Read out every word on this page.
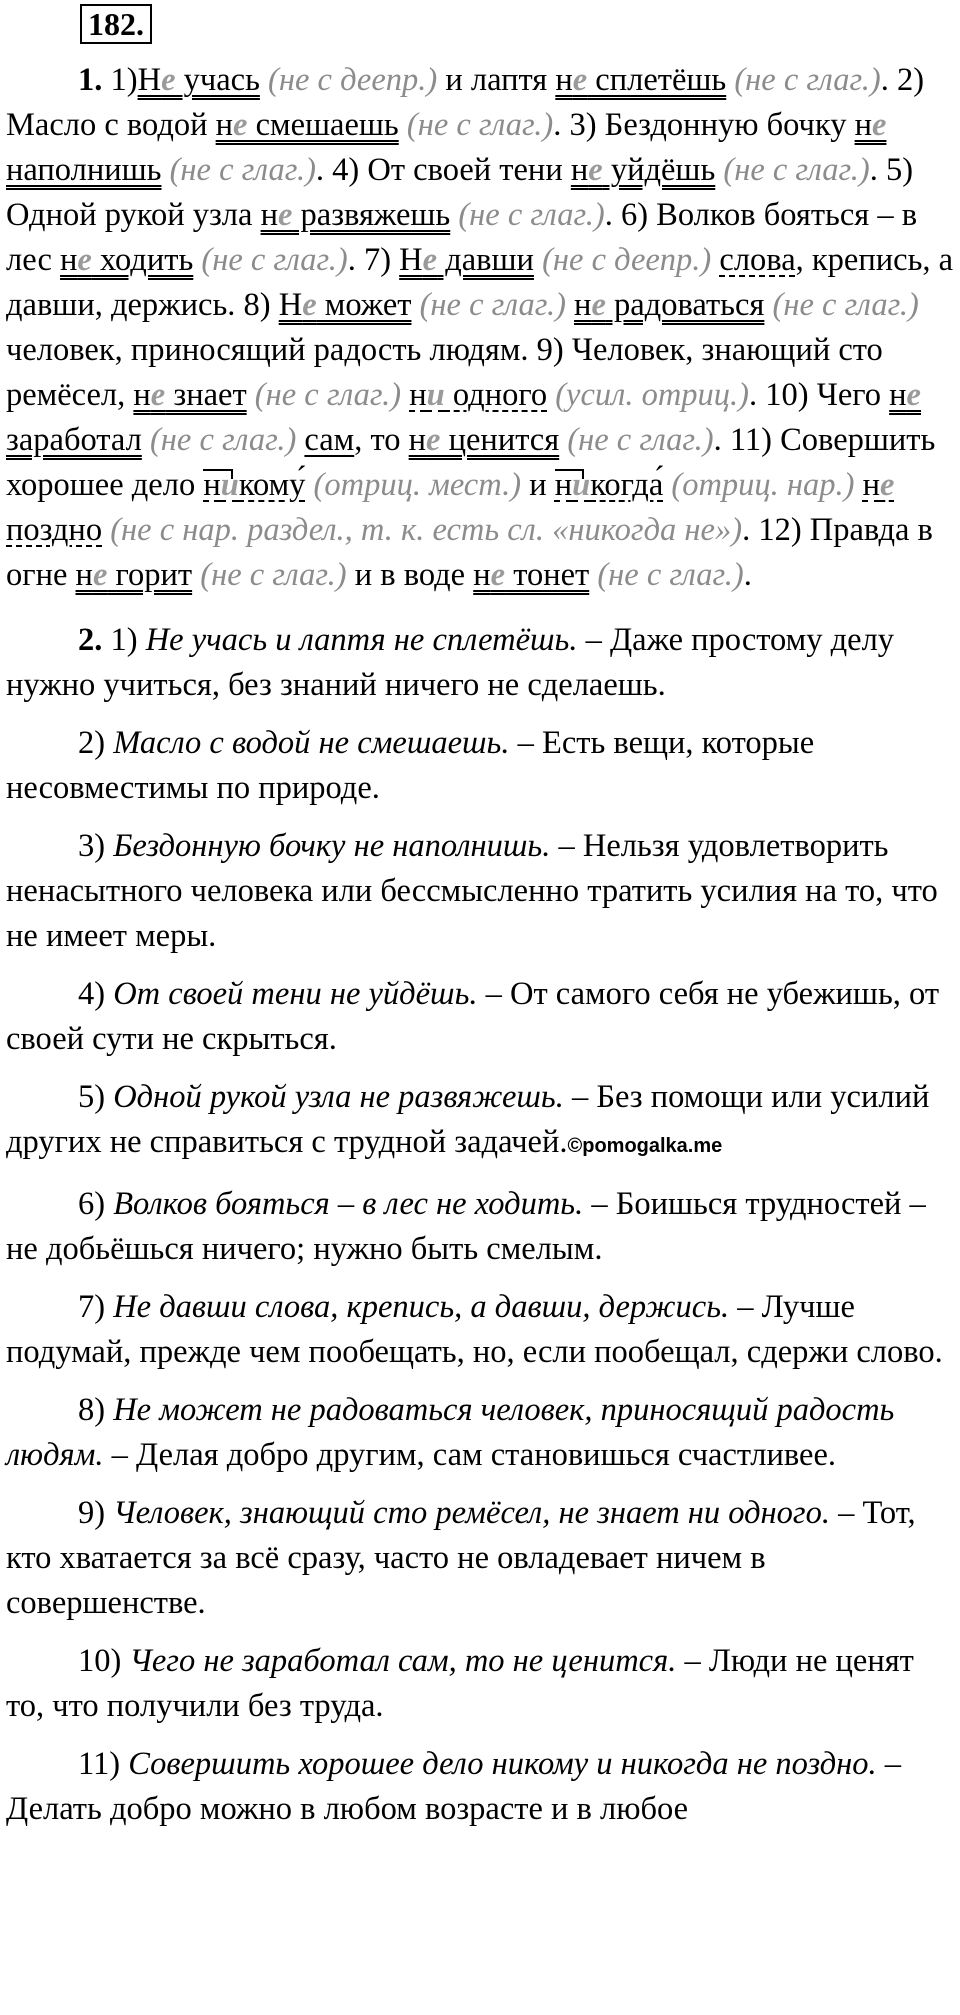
182.

1. 1)Не учась (не с деепр.) и лаптя не сплетёшь (не с глаг.). 2) Масло с водой не смешаешь (не с глаг.). 3) Бездонную бочку не наполнишь (не с глаг.). 4) От своей тени не уйдёшь (не с глаг.). 5) Одной рукой узла не развяжешь (не с глаг.). 6) Волков бояться – в лес не ходить (не с глаг.). 7) Не давши (не с деепр.) слова, крепись, а давши, держись. 8) Не может (не с глаг.) не радоваться (не с глаг.) человек, приносящий радость людям. 9) Человек, знающий сто ремёсел, не знает (не с глаг.) ни одного (усил. отриц.). 10) Чего не заработал (не с глаг.) сам, то не ценится (не с глаг.). 11) Совершить хорошее дело никому́ (отриц. мест.) и никогда́ (отриц. нар.) не поздно (не с нар. раздел., т. к. есть сл. «никогда не»). 12) Правда в огне не горит (не с глаг.) и в воде не тонет (не с глаг.).

2. 1) Не учась и лаптя не сплетёшь. – Даже простому делу нужно учиться, без знаний ничего не сделаешь.

2) Масло с водой не смешаешь. – Есть вещи, которые несовместимы по природе.

3) Бездонную бочку не наполнишь. – Нельзя удовлетворить ненасытного человека или бессмысленно тратить усилия на то, что не имеет меры.

4) От своей тени не уйдёшь. – От самого себя не убежишь, от своей сути не скрыться.

5) Одной рукой узла не развяжешь. – Без помощи или усилий других не справиться с трудной задачей.©pomogalka.me

6) Волков бояться – в лес не ходить. – Боишься трудностей – не добьёшься ничего; нужно быть смелым.

7) Не давши слова, крепись, а давши, держись. – Лучше подумай, прежде чем пообещать, но, если пообещал, сдержи слово.

8) Не может не радоваться человек, приносящий радость людям. – Делая добро другим, сам становишься счастливее.

9) Человек, знающий сто ремёсел, не знает ни одного. – Тот, кто хватается за всё сразу, часто не овладевает ничем в совершенстве.

10) Чего не заработал сам, то не ценится. – Люди не ценят то, что получили без труда.

11) Совершить хорошее дело никому и никогда не поздно. – Делать добро можно в любом возрасте и в любое
